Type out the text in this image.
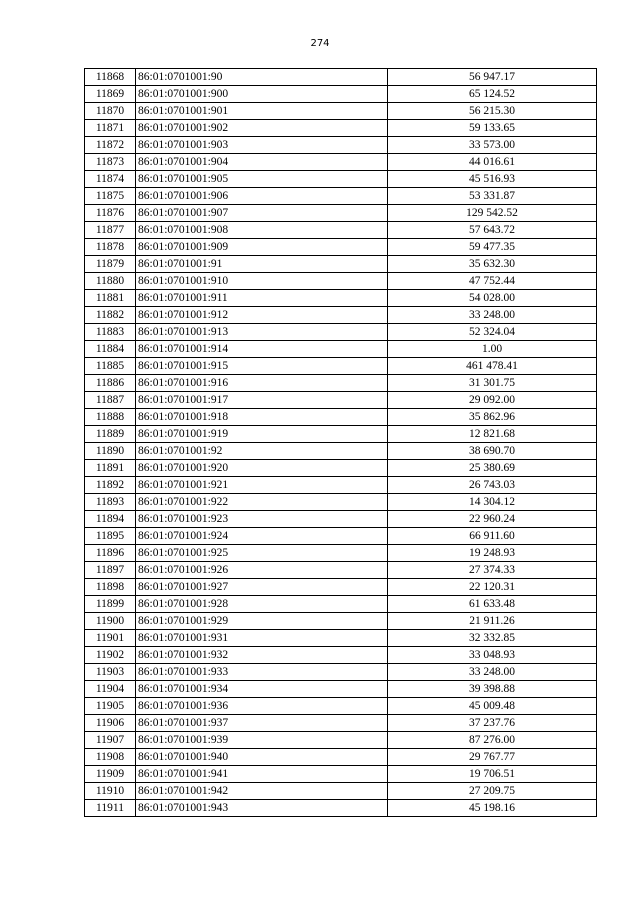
274
11868	86:01:0701001:90	56 947.17
11869	86:01:0701001:900	65 124.52
11870	86:01:0701001:901	56 215.30
11871	86:01:0701001:902	59 133.65
11872	86:01:0701001:903	33 573.00
11873	86:01:0701001:904	44 016.61
11874	86:01:0701001:905	45 516.93
11875	86:01:0701001:906	53 331.87
11876	86:01:0701001:907	129 542.52
11877	86:01:0701001:908	57 643.72
11878	86:01:0701001:909	59 477.35
11879	86:01:0701001:91	35 632.30
11880	86:01:0701001:910	47 752.44
11881	86:01:0701001:911	54 028.00
11882	86:01:0701001:912	33 248.00
11883	86:01:0701001:913	52 324.04
11884	86:01:0701001:914	1.00
11885	86:01:0701001:915	461 478.41
11886	86:01:0701001:916	31 301.75
11887	86:01:0701001:917	29 092.00
11888	86:01:0701001:918	35 862.96
11889	86:01:0701001:919	12 821.68
11890	86:01:0701001:92	38 690.70
11891	86:01:0701001:920	25 380.69
11892	86:01:0701001:921	26 743.03
11893	86:01:0701001:922	14 304.12
11894	86:01:0701001:923	22 960.24
11895	86:01:0701001:924	66 911.60
11896	86:01:0701001:925	19 248.93
11897	86:01:0701001:926	27 374.33
11898	86:01:0701001:927	22 120.31
11899	86:01:0701001:928	61 633.48
11900	86:01:0701001:929	21 911.26
11901	86:01:0701001:931	32 332.85
11902	86:01:0701001:932	33 048.93
11903	86:01:0701001:933	33 248.00
11904	86:01:0701001:934	39 398.88
11905	86:01:0701001:936	45 009.48
11906	86:01:0701001:937	37 237.76
11907	86:01:0701001:939	87 276.00
11908	86:01:0701001:940	29 767.77
11909	86:01:0701001:941	19 706.51
11910	86:01:0701001:942	27 209.75
11911	86:01:0701001:943	45 198.16
